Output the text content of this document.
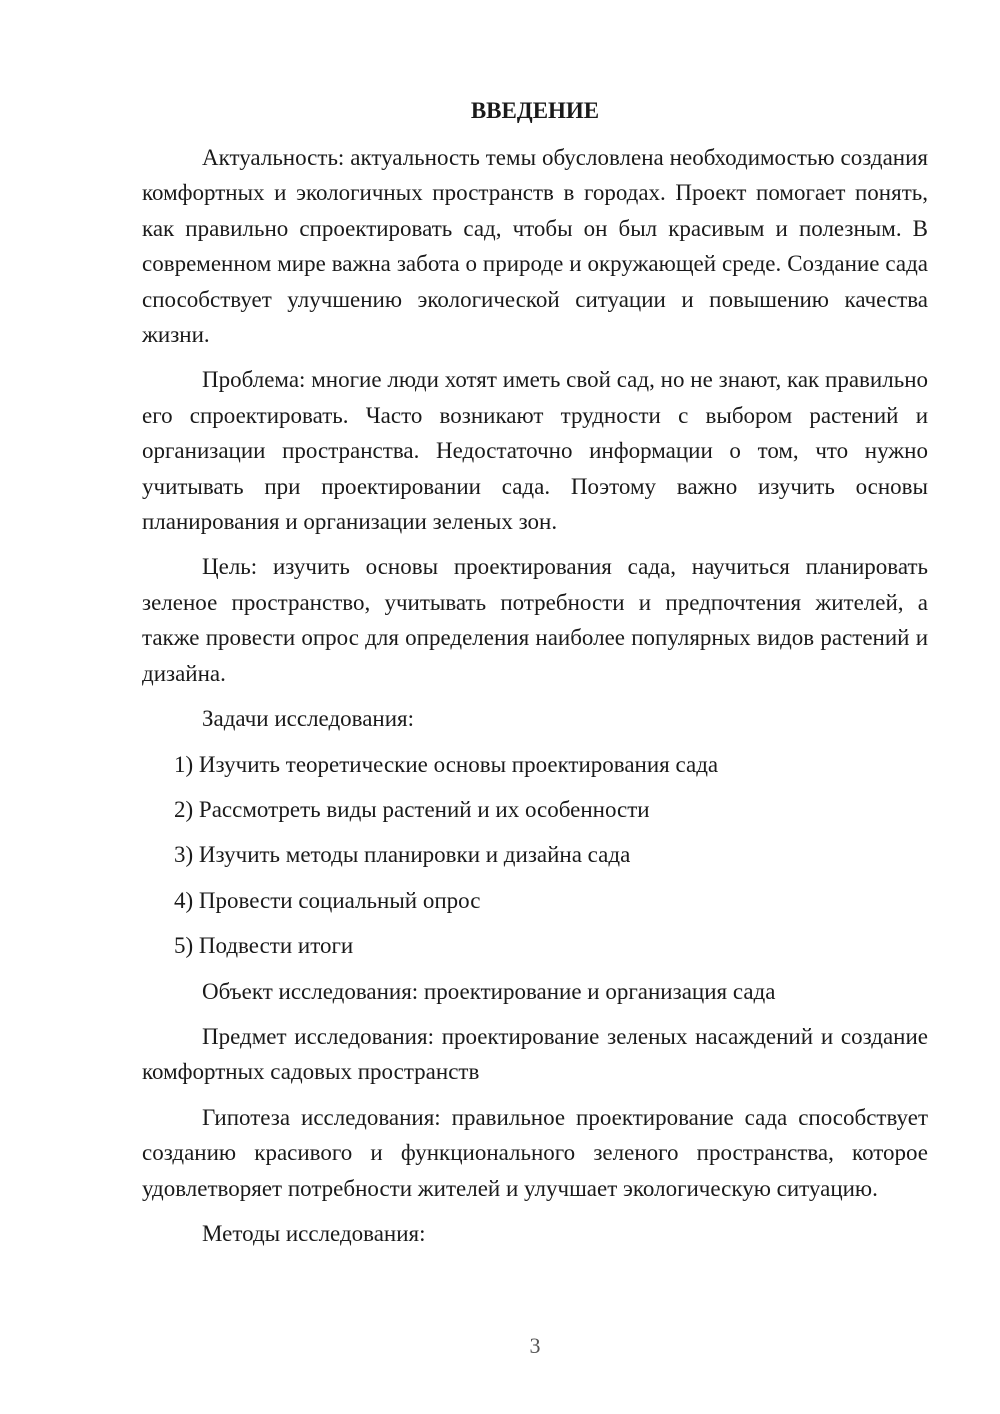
ВВЕДЕНИЕ

Актуальность: актуальность темы обусловлена необходимостью создания комфортных и экологичных пространств в городах. Проект помогает понять, как правильно спроектировать сад, чтобы он был красивым и полезным. В современном мире важна забота о природе и окружающей среде. Создание сада способствует улучшению экологической ситуации и повышению качества жизни.

Проблема: многие люди хотят иметь свой сад, но не знают, как правильно его спроектировать. Часто возникают трудности с выбором растений и организации пространства. Недостаточно информации о том, что нужно учитывать при проектировании сада. Поэтому важно изучить основы планирования и организации зеленых зон.

Цель: изучить основы проектирования сада, научиться планировать зеленое пространство, учитывать потребности и предпочтения жителей, а также провести опрос для определения наиболее популярных видов растений и дизайна.

Задачи исследования:
1) Изучить теоретические основы проектирования сада
2) Рассмотреть виды растений и их особенности
3) Изучить методы планировки и дизайна сада
4) Провести социальный опрос
5) Подвести итоги
Объект исследования: проектирование и организация сада

Предмет исследования: проектирование зеленых насаждений и создание комфортных садовых пространств

Гипотеза исследования: правильное проектирование сада способствует созданию красивого и функционального зеленого пространства, которое удовлетворяет потребности жителей и улучшает экологическую ситуацию.

Методы исследования:
3
